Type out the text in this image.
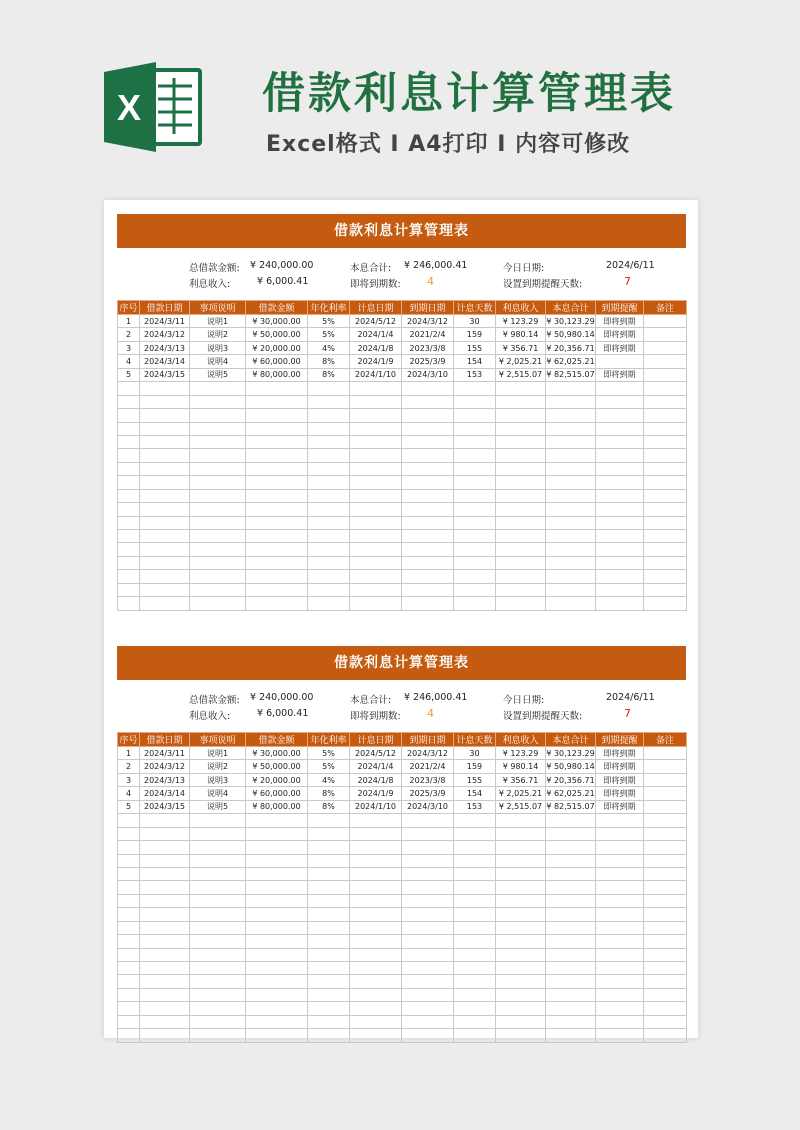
X	借款利息计算管理表
Excel格式 I A4打印 I 内容可修改
借款利息计算管理表
总借款金额: ¥ 240,000.00	本息合计: ¥ 246,000.41	今日日期:	2024/6/11
利息收入:	¥ 6,000.41	即将到期数: 4	设置到期提醒天数:	7
序号	借款日期	事项说明	借款金额	年化利率	计息日期	到期日期	计息天数	利息收入	本息合计	到期提醒	备注
1	2024/3/11	说明1	¥ 30,000.00	5%	2024/5/12	2024/3/12	30	¥ 123.29	¥ 30,123.29	即将到期	
2	2024/3/12	说明2	¥ 50,000.00	5%	2024/1/4	2021/2/4	159	¥ 980.14	¥ 50,980.14	即将到期	
3	2024/3/13	说明3	¥ 20,000.00	4%	2024/1/8	2023/3/8	155	¥ 356.71	¥ 20,356.71	即将到期	
4	2024/3/14	说明4	¥ 60,000.00	8%	2024/1/9	2025/3/9	154	¥ 2,025.21	¥ 62,025.21		
5	2024/3/15	说明5	¥ 80,000.00	8%	2024/1/10	2024/3/10	153	¥ 2,515.07	¥ 82,515.07	即将到期	

借款利息计算管理表
总借款金额: ¥ 240,000.00	本息合计: ¥ 246,000.41	今日日期:	2024/6/11
利息收入:	¥ 6,000.41	即将到期数: 4	设置到期提醒天数:	7
序号	借款日期	事项说明	借款金额	年化利率	计息日期	到期日期	计息天数	利息收入	本息合计	到期提醒	备注
1	2024/3/11	说明1	¥ 30,000.00	5%	2024/5/12	2024/3/12	30	¥ 123.29	¥ 30,123.29	即将到期	
2	2024/3/12	说明2	¥ 50,000.00	5%	2024/1/4	2021/2/4	159	¥ 980.14	¥ 50,980.14	即将到期	
3	2024/3/13	说明3	¥ 20,000.00	4%	2024/1/8	2023/3/8	155	¥ 356.71	¥ 20,356.71	即将到期	
4	2024/3/14	说明4	¥ 60,000.00	8%	2024/1/9	2025/3/9	154	¥ 2,025.21	¥ 62,025.21	即将到期	
5	2024/3/15	说明5	¥ 80,000.00	8%	2024/1/10	2024/3/10	153	¥ 2,515.07	¥ 82,515.07	即将到期	
